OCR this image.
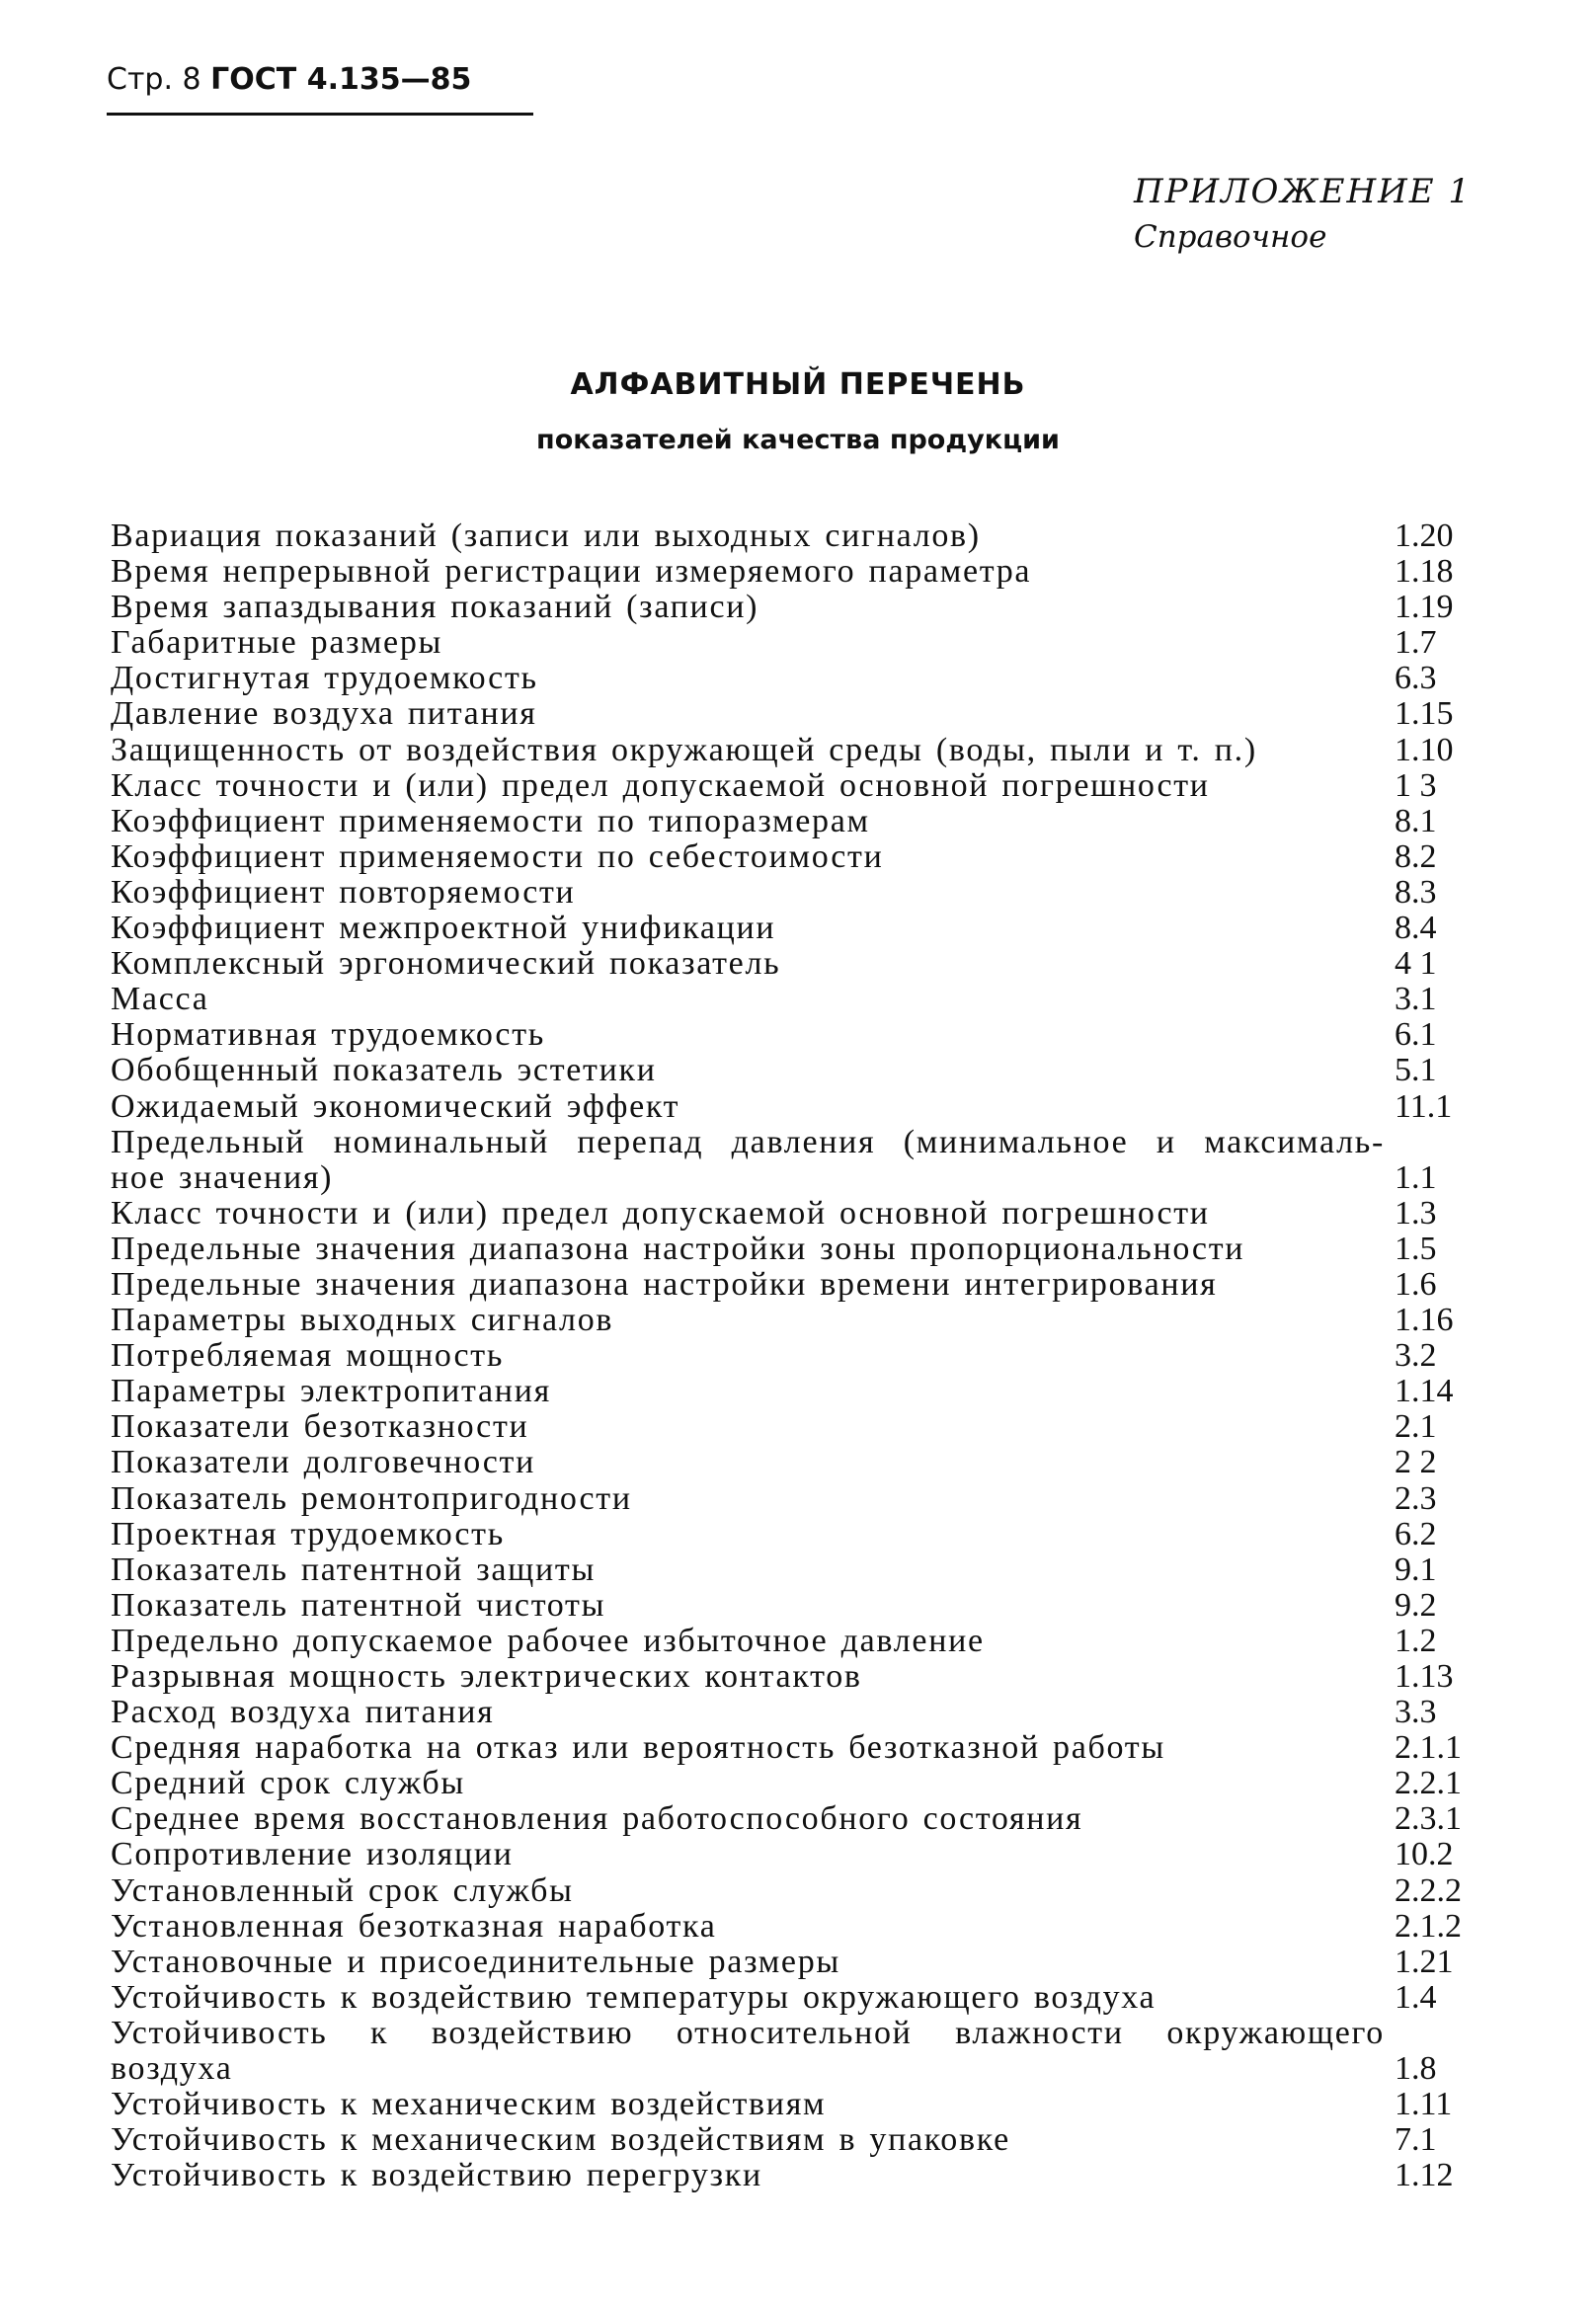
Стр. 8 ГОСТ 4.135—85
ПРИЛОЖЕНИЕ 1
Справочное
АЛФАВИТНЫЙ ПЕРЕЧЕНЬ
показателей качества продукции
Вариация показаний (записи или выходных сигналов)	1.20
Время непрерывной регистрации измеряемого параметра	1.18
Время запаздывания показаний (записи)	1.19
Габаритные размеры	1.7
Достигнутая трудоемкость	6.3
Давление воздуха питания	1.15
Защищенность от воздействия окружающей среды (воды, пыли и т. п.)	1.10
Класс точности и (или) предел допускаемой основной погрешности	1 3
Коэффициент применяемости по типоразмерам	8.1
Коэффициент применяемости по себестоимости	8.2
Коэффициент повторяемости	8.3
Коэффициент межпроектной унификации	8.4
Комплексный эргономический показатель	4 1
Масса	3.1
Нормативная трудоемкость	6.1
Обобщенный показатель эстетики	5.1
Ожидаемый экономический эффект	11.1
Предельный номинальный перепад давления (минимальное и максималь-
ное значения)	1.1
Класс точности и (или) предел допускаемой основной погрешности	1.3
Предельные значения диапазона настройки зоны пропорциональности	1.5
Предельные значения диапазона настройки времени интегрирования	1.6
Параметры выходных сигналов	1.16
Потребляемая мощность	3.2
Параметры электропитания	1.14
Показатели безотказности	2.1
Показатели долговечности	2 2
Показатель ремонтопригодности	2.3
Проектная трудоемкость	6.2
Показатель патентной защиты	9.1
Показатель патентной чистоты	9.2
Предельно допускаемое рабочее избыточное давление	1.2
Разрывная мощность электрических контактов	1.13
Расход воздуха питания	3.3
Средняя наработка на отказ или вероятность безотказной работы	2.1.1
Средний срок службы	2.2.1
Среднее время восстановления работоспособного состояния	2.3.1
Сопротивление изоляции	10.2
Установленный срок службы	2.2.2
Установленная безотказная наработка	2.1.2
Установочные и присоединительные размеры	1.21
Устойчивость к воздействию температуры окружающего воздуха	1.4
Устойчивость к воздействию относительной влажности окружающего
воздуха	1.8
Устойчивость к механическим воздействиям	1.11
Устойчивость к механическим воздействиям в упаковке	7.1
Устойчивость к воздействию перегрузки	1.12
